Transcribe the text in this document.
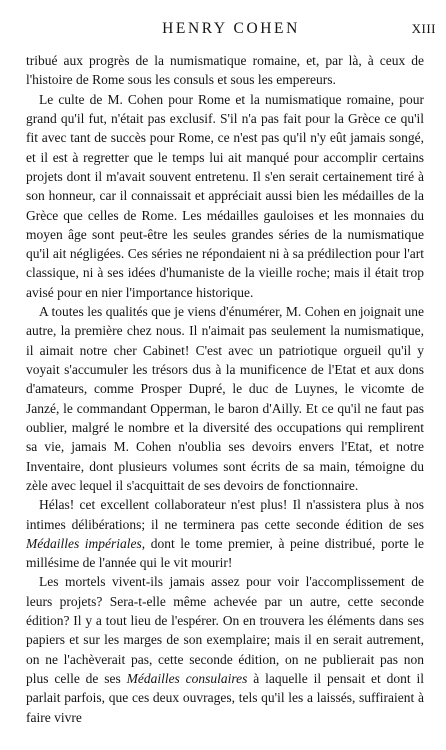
HENRY COHEN	XIII

tribué aux progrès de la numismatique romaine, et, par là, à ceux de l'histoire de Rome sous les consuls et sous les empereurs.

Le culte de M. Cohen pour Rome et la numismatique romaine, pour grand qu'il fut, n'était pas exclusif. S'il n'a pas fait pour la Grèce ce qu'il fit avec tant de succès pour Rome, ce n'est pas qu'il n'y eût jamais songé, et il est à regretter que le temps lui ait manqué pour accomplir certains projets dont il m'avait souvent entretenu. Il s'en serait certainement tiré à son honneur, car il connaissait et appréciait aussi bien les médailles de la Grèce que celles de Rome. Les médailles gauloises et les monnaies du moyen âge sont peut-être les seules grandes séries de la numismatique qu'il ait négligées. Ces séries ne répondaient ni à sa prédilection pour l'art classique, ni à ses idées d'humaniste de la vieille roche; mais il était trop avisé pour en nier l'importance historique.

A toutes les qualités que je viens d'énumérer, M. Cohen en joignait une autre, la première chez nous. Il n'aimait pas seulement la numismatique, il aimait notre cher Cabinet! C'est avec un patriotique orgueil qu'il y voyait s'accumuler les trésors dus à la munificence de l'Etat et aux dons d'amateurs, comme Prosper Dupré, le duc de Luynes, le vicomte de Janzé, le commandant Opperman, le baron d'Ailly. Et ce qu'il ne faut pas oublier, malgré le nombre et la diversité des occupations qui remplirent sa vie, jamais M. Cohen n'oublia ses devoirs envers l'Etat, et notre Inventaire, dont plusieurs volumes sont écrits de sa main, témoigne du zèle avec lequel il s'acquittait de ses devoirs de fonctionnaire.

Hélas! cet excellent collaborateur n'est plus! Il n'assistera plus à nos intimes délibérations; il ne terminera pas cette seconde édition de ses Médailles impériales, dont le tome premier, à peine distribué, porte le millésime de l'année qui le vit mourir!

Les mortels vivent-ils jamais assez pour voir l'accomplissement de leurs projets? Sera-t-elle même achevée par un autre, cette seconde édition? Il y a tout lieu de l'espérer. On en trouvera les éléments dans ses papiers et sur les marges de son exemplaire; mais il en serait autrement, on ne l'achèverait pas, cette seconde édition, on ne publierait pas non plus celle de ses Médailles consulaires à laquelle il pensait et dont il parlait parfois, que ces deux ouvrages, tels qu'il les a laissés, suffiraient à faire vivre
